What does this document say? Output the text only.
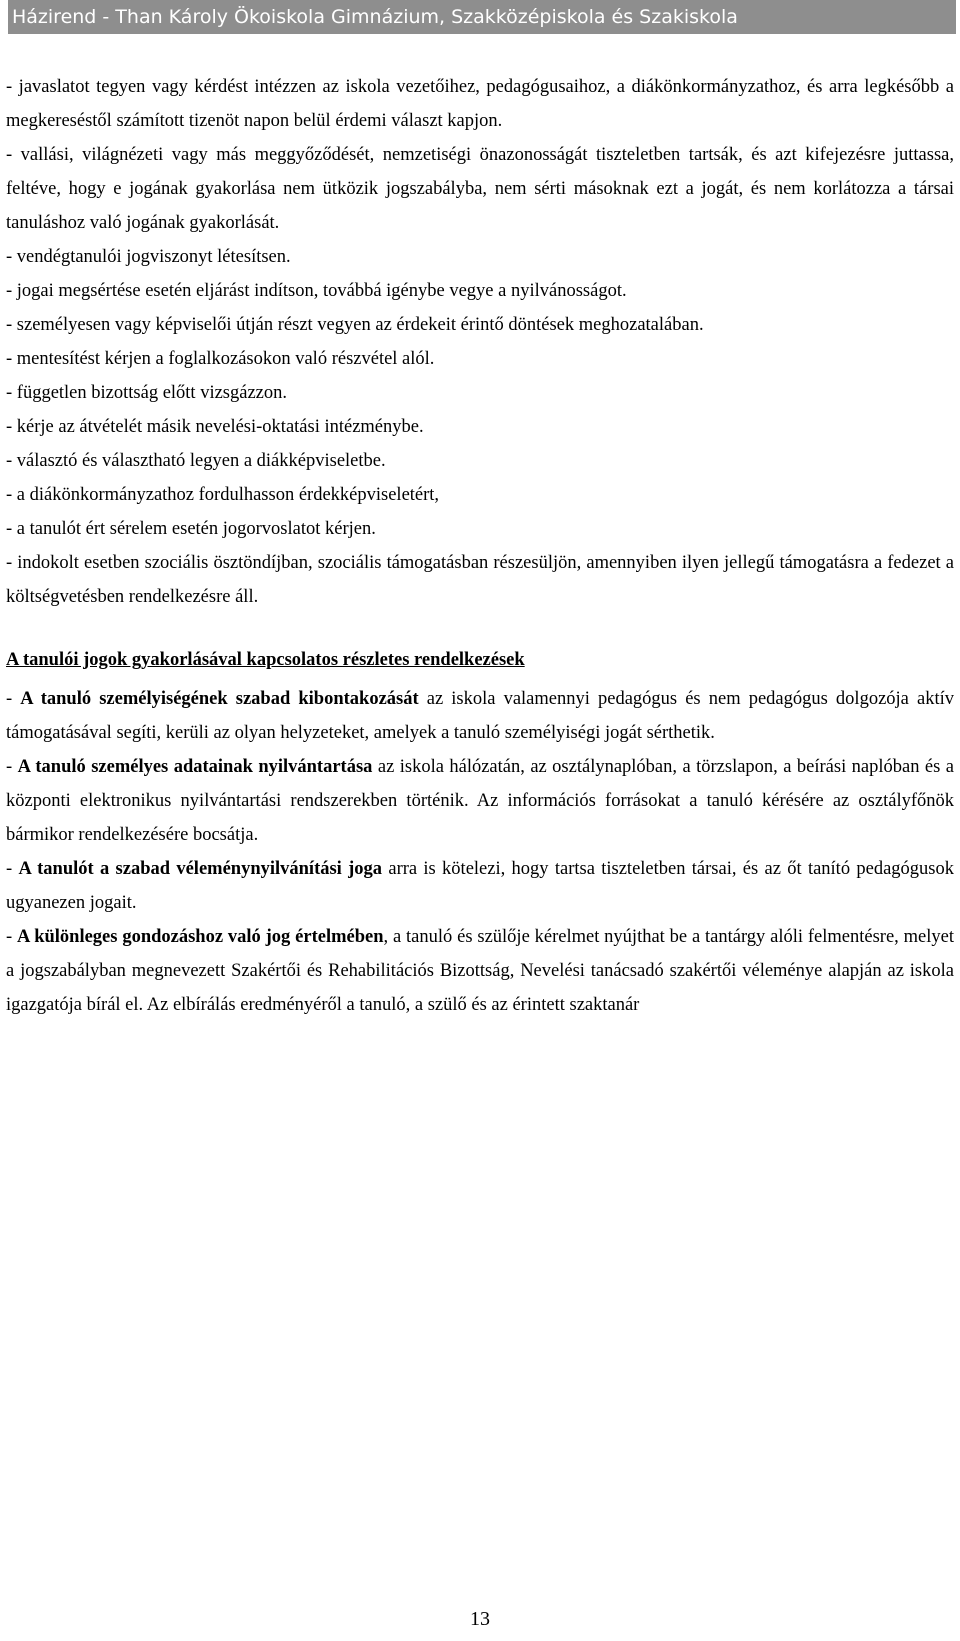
Házirend - Than Károly Ökoiskola Gimnázium, Szakközépiskola és Szakiskola

- javaslatot tegyen vagy kérdést intézzen az iskola vezetőihez, pedagógusaihoz, a diákönkormányzathoz, és arra legkésőbb a megkereséstől számított tizenöt napon belül érdemi választ kapjon.

- vallási, világnézeti vagy más meggyőződését, nemzetiségi önazonosságát tiszteletben tartsák, és azt kifejezésre juttassa, feltéve, hogy e jogának gyakorlása nem ütközik jogszabályba, nem sérti másoknak ezt a jogát, és nem korlátozza a társai tanuláshoz való jogának gyakorlását.

- vendégtanulói jogviszonyt létesítsen.

- jogai megsértése esetén eljárást indítson, továbbá igénybe vegye a nyilvánosságot.

- személyesen vagy képviselői útján részt vegyen az érdekeit érintő döntések meghozatalában.

- mentesítést kérjen a foglalkozásokon való részvétel alól.

- független bizottság előtt vizsgázzon.

- kérje az átvételét másik nevelési-oktatási intézménybe.

- választó és választható legyen a diákképviseletbe.

- a diákönkormányzathoz fordulhasson érdekképviseletért,

- a tanulót ért sérelem esetén jogorvoslatot kérjen.

- indokolt esetben szociális ösztöndíjban, szociális támogatásban részesüljön, amennyiben ilyen jellegű támogatásra a fedezet a költségvetésben rendelkezésre áll.

A tanulói jogok gyakorlásával kapcsolatos részletes rendelkezések

- A tanuló személyiségének szabad kibontakozását az iskola valamennyi pedagógus és nem pedagógus dolgozója aktív támogatásával segíti, kerüli az olyan helyzeteket, amelyek a tanuló személyiségi jogát sérthetik.

- A tanuló személyes adatainak nyilvántartása az iskola hálózatán, az osztálynaplóban, a törzslapon, a beírási naplóban és a központi elektronikus nyilvántartási rendszerekben történik. Az információs forrásokat a tanuló kérésére az osztályfőnök bármikor rendelkezésére bocsátja.

- A tanulót a szabad véleménynyilvánítási joga arra is kötelezi, hogy tartsa tiszteletben társai, és az őt tanító pedagógusok ugyanezen jogait.

- A különleges gondozáshoz való jog értelmében, a tanuló és szülője kérelmet nyújthat be a tantárgy alóli felmentésre, melyet a jogszabályban megnevezett Szakértői és Rehabilitációs Bizottság, Nevelési tanácsadó szakértői véleménye alapján az iskola igazgatója bírál el. Az elbírálás eredményéről a tanuló, a szülő és az érintett szaktanár

13
